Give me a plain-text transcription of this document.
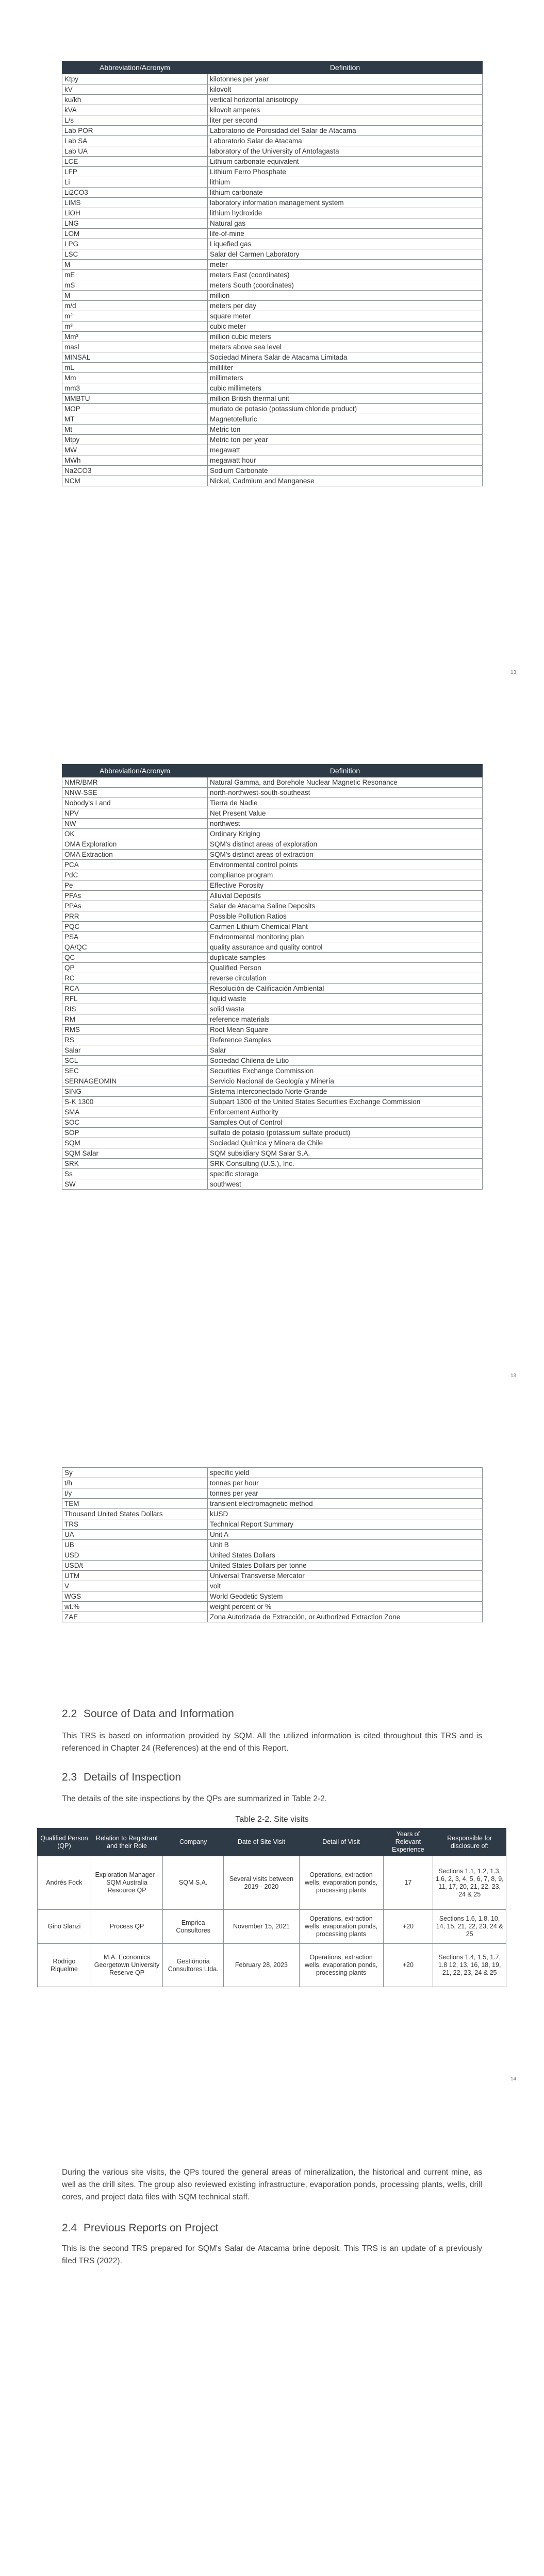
Abbreviation/Acronym	Definition
Ktpy	kilotonnes per year
kV	kilovolt
ku/kh	vertical horizontal anisotropy
kVA	kilovolt amperes
L/s	liter per second
Lab POR	Laboratorio de Porosidad del Salar de Atacama
Lab SA	Laboratorio Salar de Atacama
Lab UA	laboratory of the University of Antofagasta
LCE	Lithium carbonate equivalent
LFP	Lithium Ferro Phosphate
Li	lithium
Li2CO3	lithium carbonate
LIMS	laboratory information management system
LiOH	lithium hydroxide
LNG	Natural gas
LOM	life-of-mine
LPG	Liquefied gas
LSC	Salar del Carmen Laboratory
M	meter
mE	meters East (coordinates)
mS	meters South (coordinates)
M	million
m/d	meters per day
m²	square meter
m³	cubic meter
Mm³	million cubic meters
masl	meters above sea level
MINSAL	Sociedad Minera Salar de Atacama Limitada
mL	milliliter
Mm	millimeters
mm3	cubic millimeters
MMBTU	million British thermal unit
MOP	muriato de potasio (potassium chloride product)
MT	Magnetotelluric
Mt	Metric ton
Mtpy	Metric ton per year
MW	megawatt
MWh	megawatt hour
Na2CO3	Sodium Carbonate
NCM	Nickel, Cadmium and Manganese
13
Abbreviation/Acronym	Definition
NMR/BMR	Natural Gamma, and Borehole Nuclear Magnetic Resonance
NNW-SSE	north-northwest-south-southeast
Nobody's Land	Tierra de Nadie
NPV	Net Present Value
NW	northwest
OK	Ordinary Kriging
OMA Exploration	SQM's distinct areas of exploration
OMA Extraction	SQM's distinct areas of extraction
PCA	Environmental control points
PdC	compliance program
Pe	Effective Porosity
PFAs	Alluvial Deposits
PPAs	Salar de Atacama Saline Deposits
PRR	Possible Pollution Ratios
PQC	Carmen Lithium Chemical Plant
PSA	Environmental monitoring plan
QA/QC	quality assurance and quality control
QC	duplicate samples
QP	Qualified Person
RC	reverse circulation
RCA	Resolución de Calificación Ambiental
RFL	liquid waste
RIS	solid waste
RM	reference materials
RMS	Root Mean Square
RS	Reference Samples
Salar	Salar
SCL	Sociedad Chilena de Litio
SEC	Securities Exchange Commission
SERNAGEOMIN	Servicio Nacional de Geología y Minería
SING	Sistema Interconectado Norte Grande
S-K 1300	Subpart 1300 of the United States Securities Exchange Commission
SMA	Enforcement Authority
SOC	Samples Out of Control
SOP	sulfato de potasio (potassium sulfate product)
SQM	Sociedad Química y Minera de Chile
SQM Salar	SQM subsidiary SQM Salar S.A.
SRK	SRK Consulting (U.S.), Inc.
Ss	specific storage
SW	southwest
13
Sy	specific yield
t/h	tonnes per hour
t/y	tonnes per year
TEM	transient electromagnetic method
Thousand United States Dollars	kUSD
TRS	Technical Report Summary
UA	Unit A
UB	Unit B
USD	United States Dollars
USD/t	United States Dollars per tonne
UTM	Universal Transverse Mercator
V	volt
WGS	World Geodetic System
wt.%	weight percent or %
ZAE	Zona Autorizada de Extracción, or Authorized Extraction Zone
2.2 Source of Data and Information

This TRS is based on information provided by SQM. All the utilized information is cited throughout this TRS and is referenced in Chapter 24 (References) at the end of this Report.

2.3 Details of Inspection

The details of the site inspections by the QPs are summarized in Table 2-2.

Table 2-2. Site visits
Qualified Person (QP)	Relation to Registrant and their Role	Company	Date of Site Visit	Detail of Visit	Years of Relevant Experience	Responsible for disclosure of:
Andrés Fock	Exploration Manager - SQM Australia Resource QP	SQM S.A.	Several visits between 2019 - 2020	Operations, extraction wells, evaporation ponds, processing plants	17	Sections 1.1, 1.2, 1.3, 1.6, 2, 3, 4, 5, 6, 7, 8, 9, 11, 17, 20, 21, 22, 23, 24 & 25
Gino Slanzi	Process QP	Emprica Consultores	November 15, 2021	Operations, extraction wells, evaporation ponds, processing plants	+20	Sections 1.6, 1.8, 10, 14, 15, 21, 22, 23, 24 & 25
Rodrigo Riquelme	M.A. Economics Georgetown University Reserve QP	Gestiónoria Consultores Ltda.	February 28, 2023	Operations, extraction wells, evaporation ponds, processing plants	+20	Sections 1.4, 1.5, 1.7, 1.8 12, 13, 16, 18, 19, 21, 22, 23, 24 & 25
14

During the various site visits, the QPs toured the general areas of mineralization, the historical and current mine, as well as the drill sites. The group also reviewed existing infrastructure, evaporation ponds, processing plants, wells, drill cores, and project data files with SQM technical staff.

2.4 Previous Reports on Project

This is the second TRS prepared for SQM's Salar de Atacama brine deposit. This TRS is an update of a previously filed TRS (2022).
